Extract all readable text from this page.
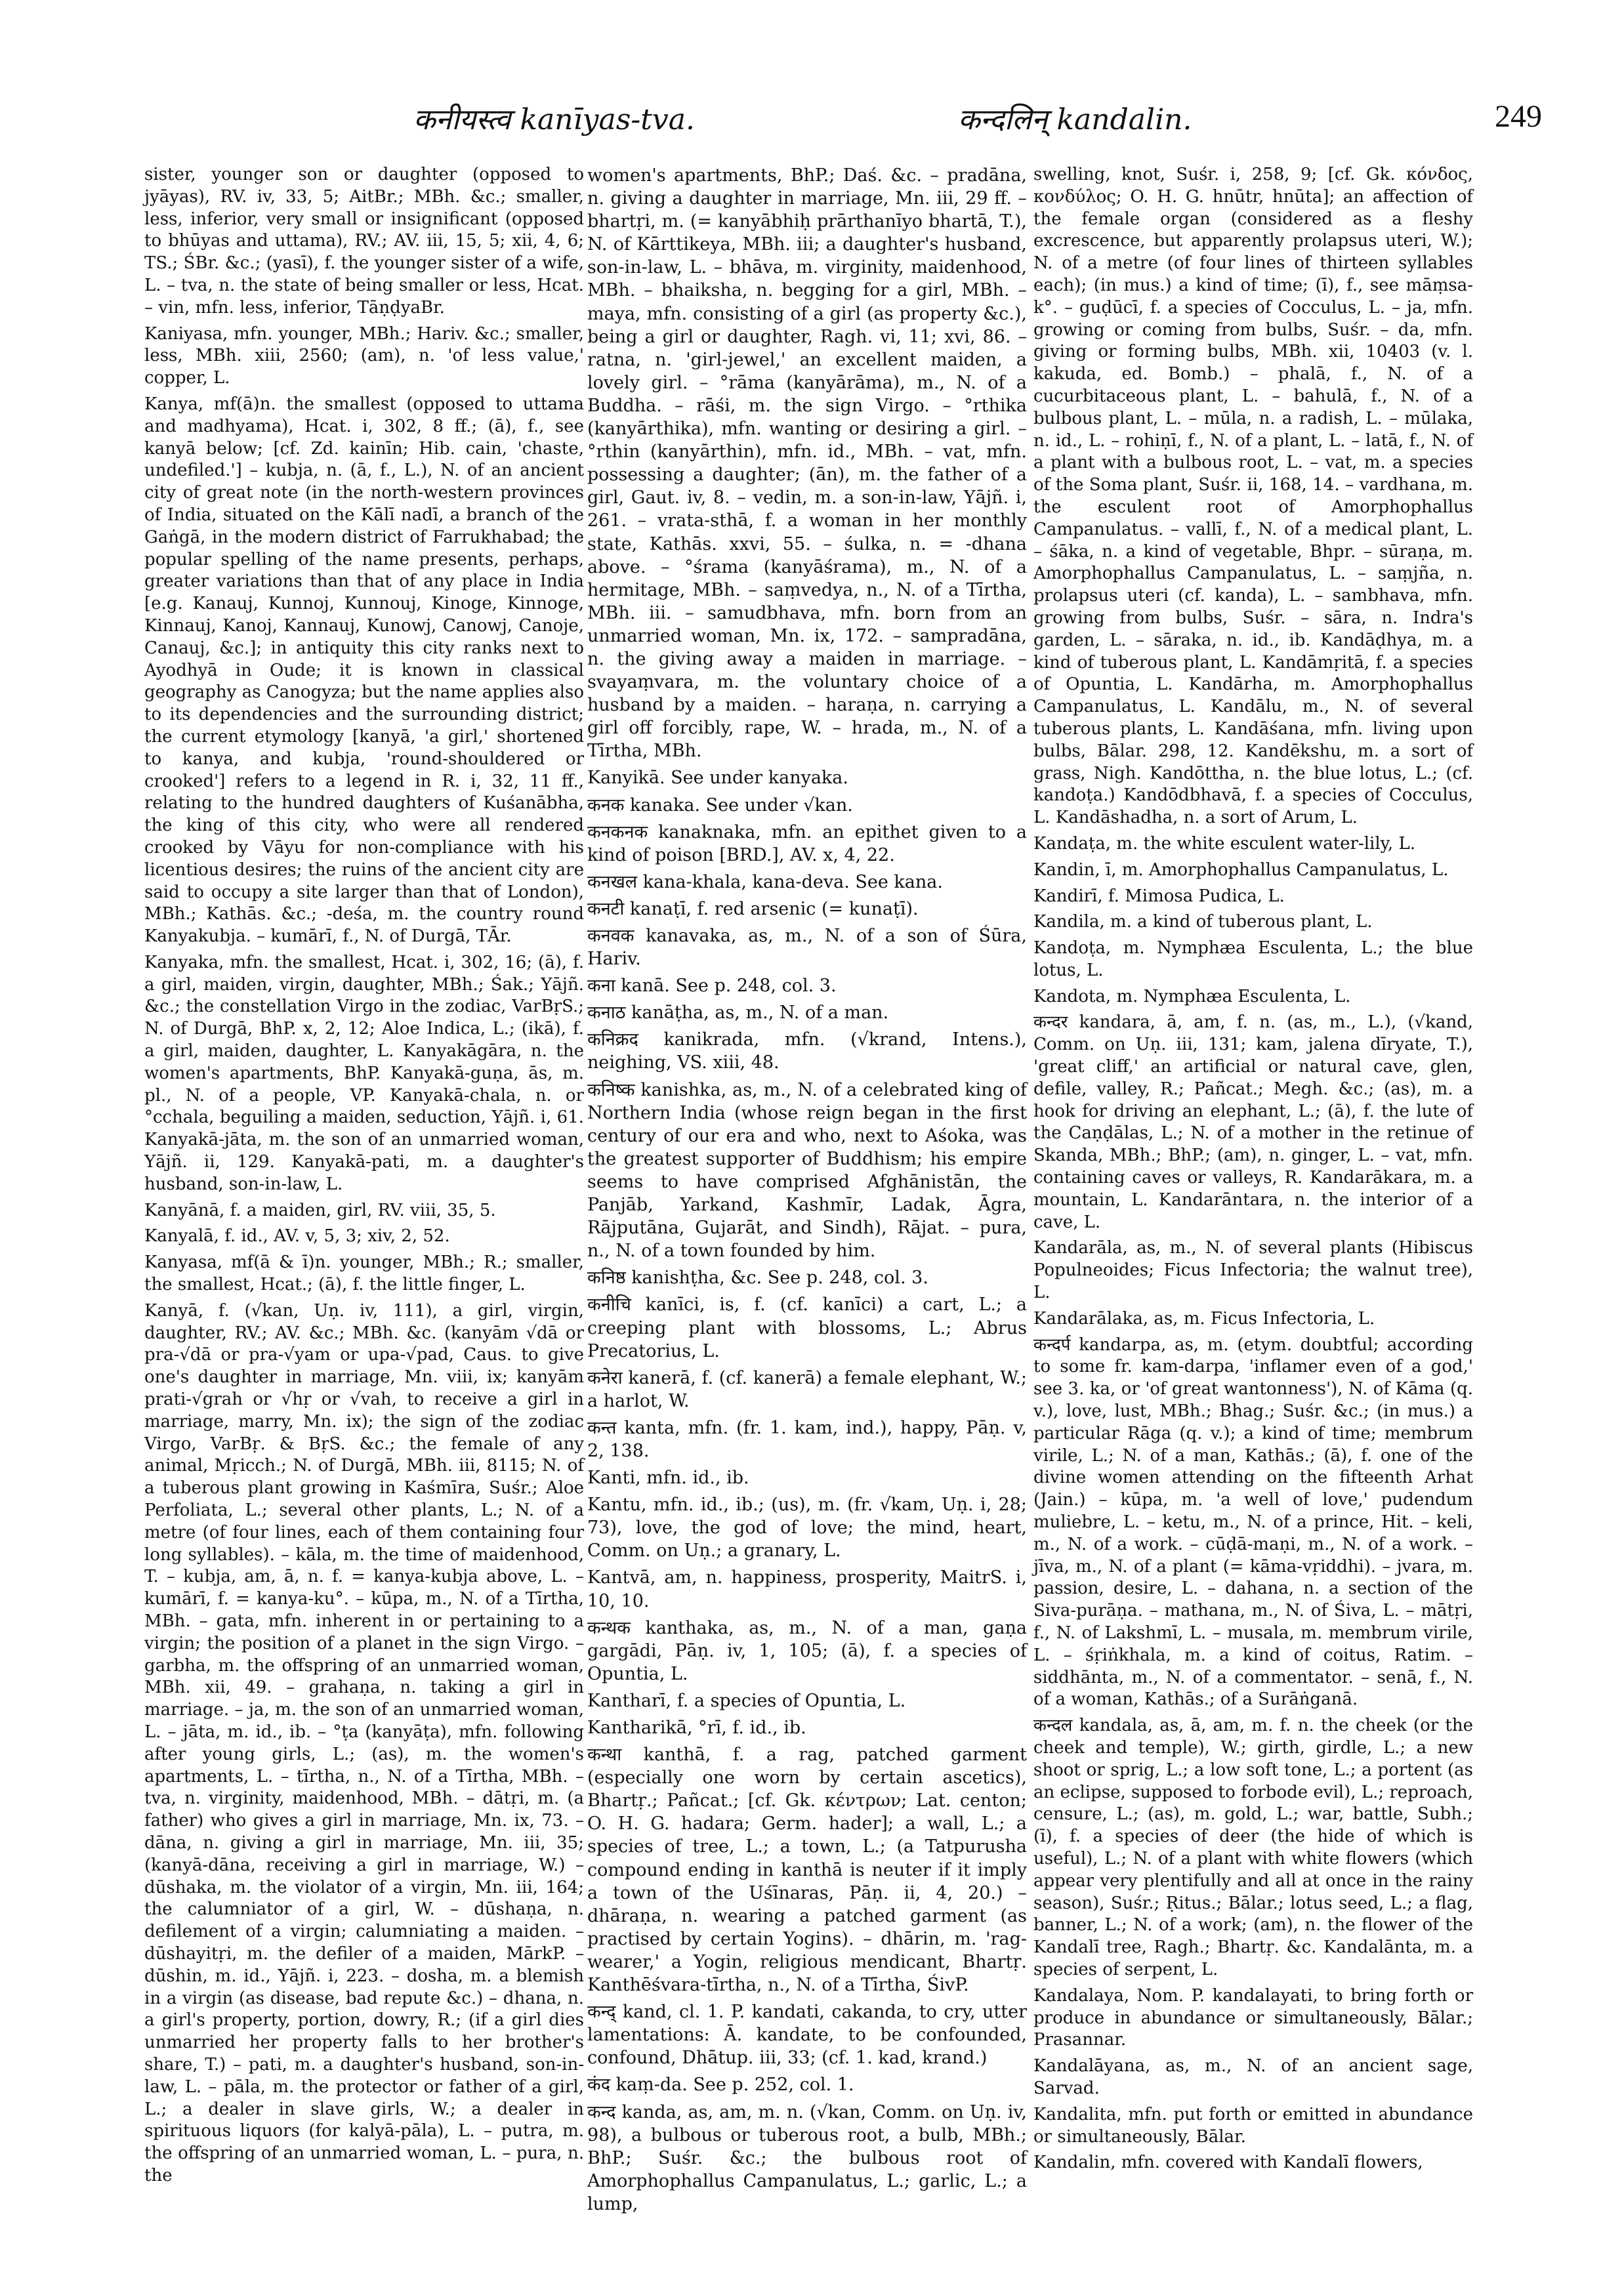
कनीयस्त्व kanīyas-tva.	कन्दलिन् kandalin.	249

sister, younger son or daughter (opposed to jyāyas), RV. iv, 33, 5; AitBr.; MBh. &c.; smaller, less, inferior, very small or insignificant (opposed to bhūyas and uttama), RV.; AV. iii, 15, 5; xii, 4, 6; TS.; ŚBr. &c.; (yasī), f. the younger sister of a wife, L. – tva, n. the state of being smaller or less, Hcat. – vin, mfn. less, inferior, TāṇḍyaBr.

Kaniyasa, mfn. younger, MBh.; Hariv. &c.; smaller, less, MBh. xiii, 2560; (am), n. 'of less value,' copper, L.

Kanya, mf(ā)n. the smallest (opposed to uttama and madhyama), Hcat. i, 302, 8 ff.; (ā), f., see kanyā below; [cf. Zd. kainīn; Hib. cain, 'chaste, undefiled.'] – kubja, n. (ā, f., L.), N. of an ancient city of great note (in the north-western provinces of India, situated on the Kālī nadī, a branch of the Gaṅgā, in the modern district of Farrukhabad; the popular spelling of the name presents, perhaps, greater variations than that of any place in India [e.g. Kanauj, Kunnoj, Kunnouj, Kinoge, Kinnoge, Kinnauj, Kanoj, Kannauj, Kunowj, Canowj, Canoje, Canauj, &c.]; in antiquity this city ranks next to Ayodhyā in Oude; it is known in classical geography as Canogyza; but the name applies also to its dependencies and the surrounding district; the current etymology [kanyā, 'a girl,' shortened to kanya, and kubja, 'round-shouldered or crooked'] refers to a legend in R. i, 32, 11 ff., relating to the hundred daughters of Kuśanābha, the king of this city, who were all rendered crooked by Vāyu for non-compliance with his licentious desires; the ruins of the ancient city are said to occupy a site larger than that of London), MBh.; Kathās. &c.; -deśa, m. the country round Kanyakubja. – kumārī, f., N. of Durgā, TĀr.

Kanyaka, mfn. the smallest, Hcat. i, 302, 16; (ā), f. a girl, maiden, virgin, daughter, MBh.; Śak.; Yājñ. &c.; the constellation Virgo in the zodiac, VarBṛS.; N. of Durgā, BhP. x, 2, 12; Aloe Indica, L.; (ikā), f. a girl, maiden, daughter, L. Kanyakāgāra, n. the women's apartments, BhP. Kanyakā-guṇa, ās, m. pl., N. of a people, VP. Kanyakā-chala, n. or °cchala, beguiling a maiden, seduction, Yājñ. i, 61. Kanyakā-jāta, m. the son of an unmarried woman, Yājñ. ii, 129. Kanyakā-pati, m. a daughter's husband, son-in-law, L.

Kanyānā, f. a maiden, girl, RV. viii, 35, 5.

Kanyalā, f. id., AV. v, 5, 3; xiv, 2, 52.

Kanyasa, mf(ā & ī)n. younger, MBh.; R.; smaller, the smallest, Hcat.; (ā), f. the little finger, L.

Kanyā, f. (√kan, Uṇ. iv, 111), a girl, virgin, daughter, RV.; AV. &c.; MBh. &c. (kanyām √dā or pra-√dā or pra-√yam or upa-√pad, Caus. to give one's daughter in marriage, Mn. viii, ix; kanyām prati-√grah or √hṛ or √vah, to receive a girl in marriage, marry, Mn. ix); the sign of the zodiac Virgo, VarBṛ. & BṛS. &c.; the female of any animal, Mṛicch.; N. of Durgā, MBh. iii, 8115; N. of a tuberous plant growing in Kaśmīra, Suśr.; Aloe Perfoliata, L.; several other plants, L.; N. of a metre (of four lines, each of them containing four long syllables). – kāla, m. the time of maidenhood, T. – kubja, am, ā, n. f. = kanya-kubja above, L. – kumārī, f. = kanya-ku°. – kūpa, m., N. of a Tīrtha, MBh. – gata, mfn. inherent in or pertaining to a virgin; the position of a planet in the sign Virgo. – garbha, m. the offspring of an unmarried woman, MBh. xii, 49. – grahaṇa, n. taking a girl in marriage. – ja, m. the son of an unmarried woman, L. – jāta, m. id., ib. – °ṭa (kanyāṭa), mfn. following after young girls, L.; (as), m. the women's apartments, L. – tīrtha, n., N. of a Tīrtha, MBh. – tva, n. virginity, maidenhood, MBh. – dātṛi, m. (a father) who gives a girl in marriage, Mn. ix, 73. – dāna, n. giving a girl in marriage, Mn. iii, 35; (kanyā-dāna, receiving a girl in marriage, W.) – dūshaka, m. the violator of a virgin, Mn. iii, 164; the calumniator of a girl, W. – dūshaṇa, n. defilement of a virgin; calumniating a maiden. – dūshayitṛi, m. the defiler of a maiden, MārkP. – dūshin, m. id., Yājñ. i, 223. – dosha, m. a blemish in a virgin (as disease, bad repute &c.) – dhana, n. a girl's property, portion, dowry, R.; (if a girl dies unmarried her property falls to her brother's share, T.) – pati, m. a daughter's husband, son-in-law, L. – pāla, m. the protector or father of a girl, L.; a dealer in slave girls, W.; a dealer in spirituous liquors (for kalyā-pāla), L. – putra, m. the offspring of an unmarried woman, L. – pura, n. the

women's apartments, BhP.; Daś. &c. – pradāna, n. giving a daughter in marriage, Mn. iii, 29 ff. – bhartṛi, m. (= kanyābhiḥ prārthanīyo bhartā, T.), N. of Kārttikeya, MBh. iii; a daughter's husband, son-in-law, L. – bhāva, m. virginity, maidenhood, MBh. – bhaiksha, n. begging for a girl, MBh. – maya, mfn. consisting of a girl (as property &c.), being a girl or daughter, Ragh. vi, 11; xvi, 86. – ratna, n. 'girl-jewel,' an excellent maiden, a lovely girl. – °rāma (kanyārāma), m., N. of a Buddha. – rāśi, m. the sign Virgo. – °rthika (kanyārthika), mfn. wanting or desiring a girl. – °rthin (kanyārthin), mfn. id., MBh. – vat, mfn. possessing a daughter; (ān), m. the father of a girl, Gaut. iv, 8. – vedin, m. a son-in-law, Yājñ. i, 261. – vrata-sthā, f. a woman in her monthly state, Kathās. xxvi, 55. – śulka, n. = -dhana above. – °śrama (kanyāśrama), m., N. of a hermitage, MBh. – saṃvedya, n., N. of a Tīrtha, MBh. iii. – samudbhava, mfn. born from an unmarried woman, Mn. ix, 172. – sampradāna, n. the giving away a maiden in marriage. – svayaṃvara, m. the voluntary choice of a husband by a maiden. – haraṇa, n. carrying a girl off forcibly, rape, W. – hrada, m., N. of a Tīrtha, MBh.

Kanyikā. See under kanyaka.

कनक kanaka. See under √kan.

कनकनक kanaknaka, mfn. an epithet given to a kind of poison [BRD.], AV. x, 4, 22.

कनखल kana-khala, kana-deva. See kana.

कनटी kanaṭī, f. red arsenic (= kunaṭī).

कनवक kanavaka, as, m., N. of a son of Śūra, Hariv.

कना kanā. See p. 248, col. 3.

कनाठ kanāṭha, as, m., N. of a man.

कनिक्रद kanikrada, mfn. (√krand, Intens.), neighing, VS. xiii, 48.

कनिष्क kanishka, as, m., N. of a celebrated king of Northern India (whose reign began in the first century of our era and who, next to Aśoka, was the greatest supporter of Buddhism; his empire seems to have comprised Afghānistān, the Panjāb, Yarkand, Kashmīr, Ladak, Āgra, Rājputāna, Gujarāt, and Sindh), Rājat. – pura, n., N. of a town founded by him.

कनिष्ठ kanishṭha, &c. See p. 248, col. 3.

कनीचि kanīci, is, f. (cf. kanīci) a cart, L.; a creeping plant with blossoms, L.; Abrus Precatorius, L.

कनेरा kanerā, f. (cf. kanerā) a female elephant, W.; a harlot, W.

कन्त kanta, mfn. (fr. 1. kam, ind.), happy, Pāṇ. v, 2, 138.

Kanti, mfn. id., ib.

Kantu, mfn. id., ib.; (us), m. (fr. √kam, Uṇ. i, 28; 73), love, the god of love; the mind, heart, Comm. on Uṇ.; a granary, L.

Kantvā, am, n. happiness, prosperity, MaitrS. i, 10, 10.

कन्थक kanthaka, as, m., N. of a man, gaṇa gargādi, Pāṇ. iv, 1, 105; (ā), f. a species of Opuntia, L.

Kantharī, f. a species of Opuntia, L.

Kantharikā, °rī, f. id., ib.

कन्था kanthā, f. a rag, patched garment (especially one worn by certain ascetics), Bhartṛ.; Pañcat.; [cf. Gk. κέντρων; Lat. centon; O. H. G. hadara; Germ. hader]; a wall, L.; a species of tree, L.; a town, L.; (a Tatpurusha compound ending in kanthā is neuter if it imply a town of the Uśīnaras, Pāṇ. ii, 4, 20.) – dhāraṇa, n. wearing a patched garment (as practised by certain Yogins). – dhārin, m. 'rag-wearer,' a Yogin, religious mendicant, Bhartṛ. Kanthēśvara-tīrtha, n., N. of a Tīrtha, ŚivP.

कन्द् kand, cl. 1. P. kandati, cakanda, to cry, utter lamentations: Ā. kandate, to be confounded, confound, Dhātup. iii, 33; (cf. 1. kad, krand.)

कंद kaṃ-da. See p. 252, col. 1.

कन्द kanda, as, am, m. n. (√kan, Comm. on Uṇ. iv, 98), a bulbous or tuberous root, a bulb, MBh.; BhP.; Suśr. &c.; the bulbous root of Amorphophallus Campanulatus, L.; garlic, L.; a lump,

swelling, knot, Suśr. i, 258, 9; [cf. Gk. κόνδος, κονδύλος; O. H. G. hnūtr, hnūta]; an affection of the female organ (considered as a fleshy excrescence, but apparently prolapsus uteri, W.); N. of a metre (of four lines of thirteen syllables each); (in mus.) a kind of time; (ī), f., see māṃsa-k°. – guḍūcī, f. a species of Cocculus, L. – ja, mfn. growing or coming from bulbs, Suśr. – da, mfn. giving or forming bulbs, MBh. xii, 10403 (v. l. kakuda, ed. Bomb.) – phalā, f., N. of a cucurbitaceous plant, L. – bahulā, f., N. of a bulbous plant, L. – mūla, n. a radish, L. – mūlaka, n. id., L. – rohiṇī, f., N. of a plant, L. – latā, f., N. of a plant with a bulbous root, L. – vat, m. a species of the Soma plant, Suśr. ii, 168, 14. – vardhana, m. the esculent root of Amorphophallus Campanulatus. – vallī, f., N. of a medical plant, L. – śāka, n. a kind of vegetable, Bhpr. – sūraṇa, m. Amorphophallus Campanulatus, L. – saṃjña, n. prolapsus uteri (cf. kanda), L. – sambhava, mfn. growing from bulbs, Suśr. – sāra, n. Indra's garden, L. – sāraka, n. id., ib. Kandāḍhya, m. a kind of tuberous plant, L. Kandāmṛitā, f. a species of Opuntia, L. Kandārha, m. Amorphophallus Campanulatus, L. Kandālu, m., N. of several tuberous plants, L. Kandāśana, mfn. living upon bulbs, Bālar. 298, 12. Kandēkshu, m. a sort of grass, Nigh. Kandōttha, n. the blue lotus, L.; (cf. kandoṭa.) Kandōdbhavā, f. a species of Cocculus, L. Kandāshadha, n. a sort of Arum, L.

Kandaṭa, m. the white esculent water-lily, L.

Kandin, ī, m. Amorphophallus Campanulatus, L.

Kandirī, f. Mimosa Pudica, L.

Kandila, m. a kind of tuberous plant, L.

Kandoṭa, m. Nymphæa Esculenta, L.; the blue lotus, L.

Kandota, m. Nymphæa Esculenta, L.

कन्दर kandara, ā, am, f. n. (as, m., L.), (√kand, Comm. on Uṇ. iii, 131; kam, jalena dīryate, T.), 'great cliff,' an artificial or natural cave, glen, defile, valley, R.; Pañcat.; Megh. &c.; (as), m. a hook for driving an elephant, L.; (ā), f. the lute of the Caṇḍālas, L.; N. of a mother in the retinue of Skanda, MBh.; BhP.; (am), n. ginger, L. – vat, mfn. containing caves or valleys, R. Kandarākara, m. a mountain, L. Kandarāntara, n. the interior of a cave, L.

Kandarāla, as, m., N. of several plants (Hibiscus Populneoides; Ficus Infectoria; the walnut tree), L.

Kandarālaka, as, m. Ficus Infectoria, L.

कन्दर्प kandarpa, as, m. (etym. doubtful; according to some fr. kam-darpa, 'inflamer even of a god,' see 3. ka, or 'of great wantonness'), N. of Kāma (q. v.), love, lust, MBh.; Bhag.; Suśr. &c.; (in mus.) a particular Rāga (q. v.); a kind of time; membrum virile, L.; N. of a man, Kathās.; (ā), f. one of the divine women attending on the fifteenth Arhat (Jain.) – kūpa, m. 'a well of love,' pudendum muliebre, L. – ketu, m., N. of a prince, Hit. – keli, m., N. of a work. – cūḍā-maṇi, m., N. of a work. – jīva, m., N. of a plant (= kāma-vṛiddhi). – jvara, m. passion, desire, L. – dahana, n. a section of the Siva-purāṇa. – mathana, m., N. of Śiva, L. – mātṛi, f., N. of Lakshmī, L. – musala, m. membrum virile, L. – śṛiṅkhala, m. a kind of coitus, Ratim. – siddhānta, m., N. of a commentator. – senā, f., N. of a woman, Kathās.; of a Surāṅganā.

कन्दल kandala, as, ā, am, m. f. n. the cheek (or the cheek and temple), W.; girth, girdle, L.; a new shoot or sprig, L.; a low soft tone, L.; a portent (as an eclipse, supposed to forbode evil), L.; reproach, censure, L.; (as), m. gold, L.; war, battle, Subh.; (ī), f. a species of deer (the hide of which is useful), L.; N. of a plant with white flowers (which appear very plentifully and all at once in the rainy season), Suśr.; Ṛitus.; Bālar.; lotus seed, L.; a flag, banner, L.; N. of a work; (am), n. the flower of the Kandalī tree, Ragh.; Bhartṛ. &c. Kandalānta, m. a species of serpent, L.

Kandalaya, Nom. P. kandalayati, to bring forth or produce in abundance or simultaneously, Bālar.; Prasannar.

Kandalāyana, as, m., N. of an ancient sage, Sarvad.

Kandalita, mfn. put forth or emitted in abundance or simultaneously, Bālar.

Kandalin, mfn. covered with Kandalī flowers,
